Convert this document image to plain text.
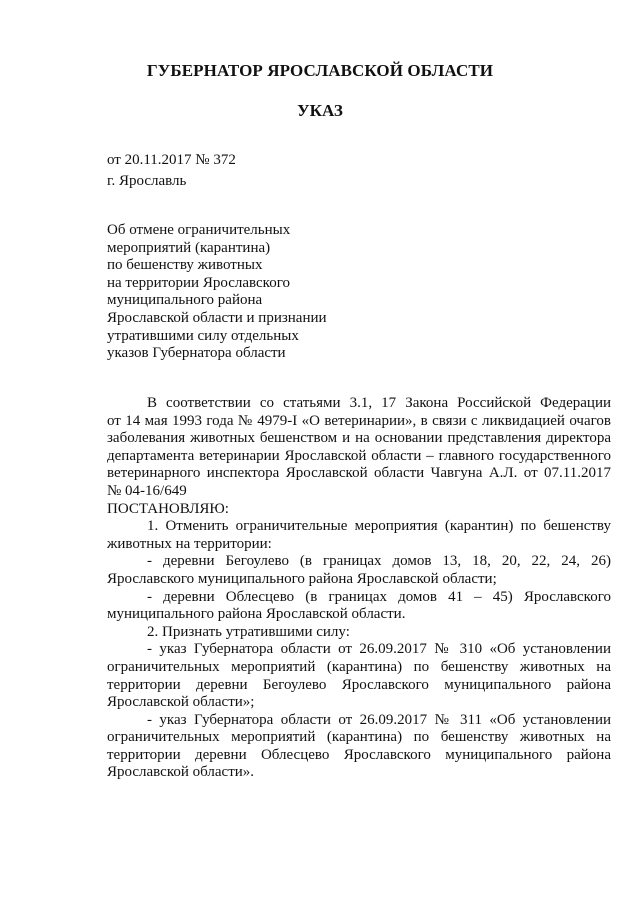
ГУБЕРНАТОР ЯРОСЛАВСКОЙ ОБЛАСТИ
УКАЗ
от 20.11.2017 № 372
г. Ярославль
Об отмене ограничительных
мероприятий (карантина)
по бешенству животных
на территории Ярославского
муниципального района
Ярославской области и признании
утратившими силу отдельных
указов Губернатора области

В соответствии со статьями 3.1, 17 Закона Российской Федерации

от 14 мая 1993 года № 4979-I «О ветеринарии», в связи с ликвидацией очагов

заболевания животных бешенством и на основании представления директора

департамента ветеринарии Ярославской области – главного государственного

ветеринарного инспектора Ярославской области Чавгуна А.Л. от 07.11.2017

№ 04-16/649

ПОСТАНОВЛЯЮ:

1. Отменить ограничительные мероприятия (карантин) по бешенству

животных на территории:

- деревни Бегоулево (в границах домов 13, 18, 20, 22, 24, 26)

Ярославского муниципального района Ярославской области;

- деревни Облесцево (в границах домов 41 – 45) Ярославского

муниципального района Ярославской области.

2. Признать утратившими силу:

- указ Губернатора области от 26.09.2017 № 310 «Об установлении

ограничительных мероприятий (карантина) по бешенству животных на

территории деревни Бегоулево Ярославского муниципального района

Ярославской области»;

- указ Губернатора области от 26.09.2017 № 311 «Об установлении

ограничительных мероприятий (карантина) по бешенству животных на

территории деревни Облесцево Ярославского муниципального района

Ярославской области».
